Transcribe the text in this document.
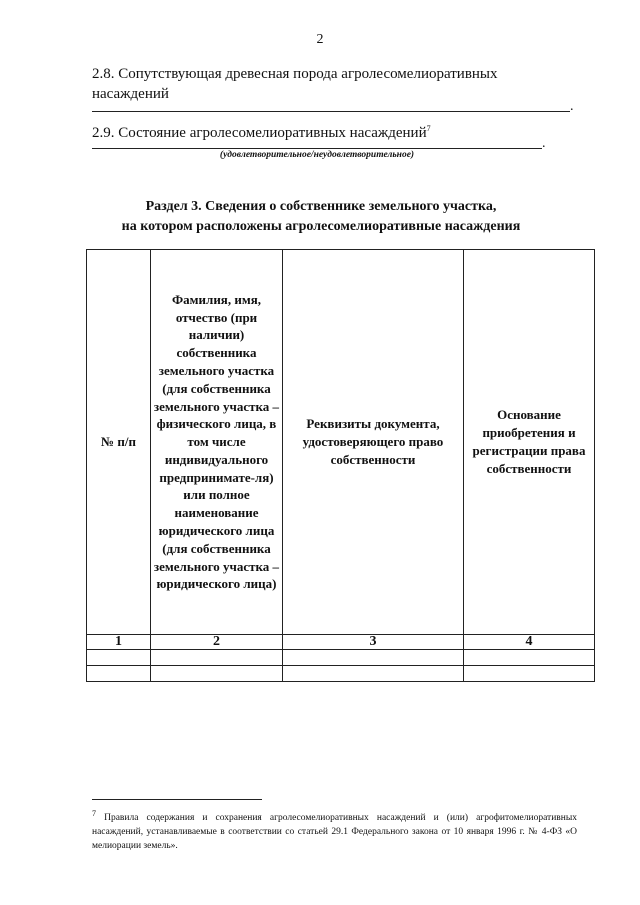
2
2.8. Сопутствующая древесная порода агролесомелиоративных насаждений
.
2.9. Состояние агролесомелиоративных насаждений$^7$
.
(удовлетворительное/неудовлетворительное)
Раздел 3. Сведения о собственнике земельного участка,
на котором расположены агролесомелиоративные насаждения
№ п/п	Фамилия, имя, отчество (при наличии) собственника земельного участка (для собственника земельного участка – физического лица, в том числе индивидуального предпринимате-ля) или полное наименование юридического лица (для собственника земельного участка – юридического лица)	Реквизиты документа, удостоверяющего право собственности	Основание приобретения и регистрации права собственности
1	2	3	4

$^7$ Правила содержания и сохранения агролесомелиоративных насаждений и (или) агрофитомелиоративных насаждений, устанавливаемые в соответствии со статьей 29.1 Федерального закона от 10 января 1996 г. № 4-ФЗ «О мелиорации земель».
